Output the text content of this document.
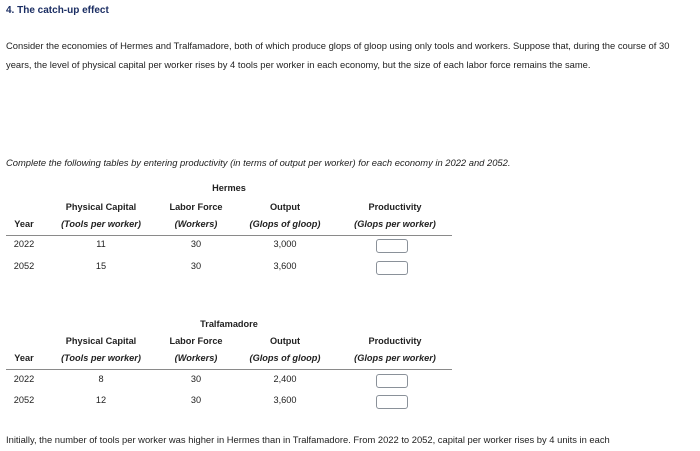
4. The catch-up effect
Consider the economies of Hermes and Tralfamadore, both of which produce glops of gloop using only tools and workers. Suppose that, during the course of 30 years, the level of physical capital per worker rises by 4 tools per worker in each economy, but the size of each labor force remains the same.
Complete the following tables by entering productivity (in terms of output per worker) for each economy in 2022 and 2052.
Hermes
Physical Capital	Labor Force	Output	Productivity
Year	(Tools per worker)	(Workers)	(Glops of gloop)	(Glops per worker)
2022	11	30	3,000
2052	15	30	3,600
Tralfamadore
Physical Capital	Labor Force	Output	Productivity
Year	(Tools per worker)	(Workers)	(Glops of gloop)	(Glops per worker)
2022	8	30	2,400
2052	12	30	3,600
Initially, the number of tools per worker was higher in Hermes than in Tralfamadore. From 2022 to 2052, capital per worker rises by 4 units in each
